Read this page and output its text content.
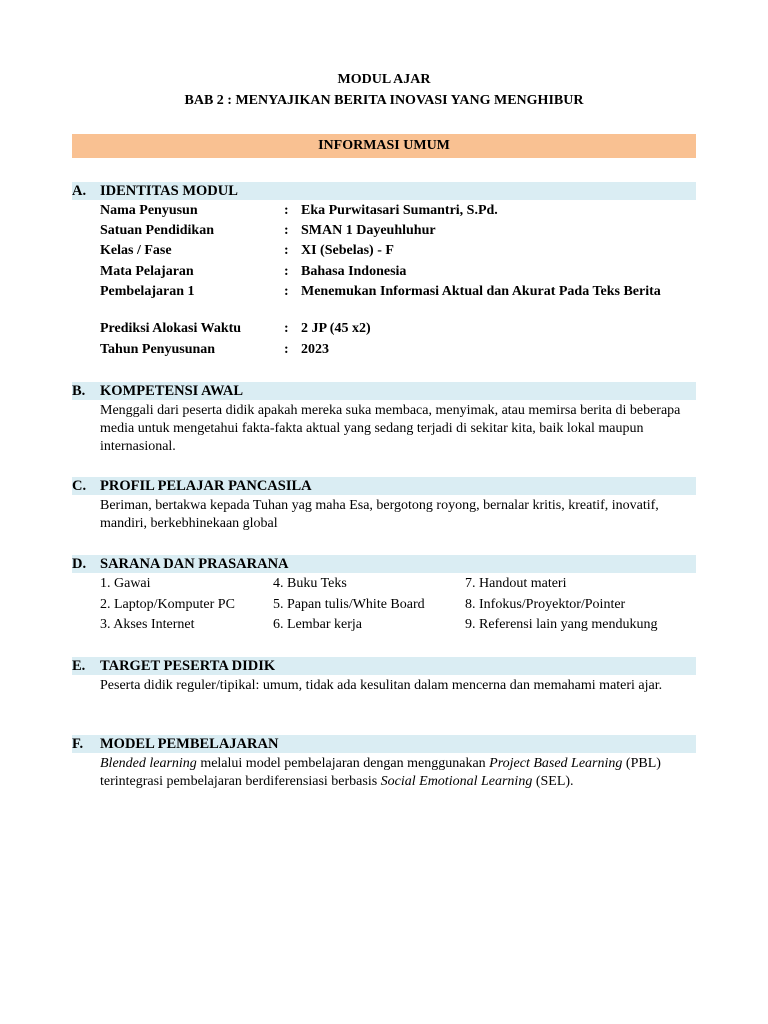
MODUL AJAR
BAB 2 : MENYAJIKAN BERITA INOVASI YANG MENGHIBUR
INFORMASI UMUM
A. IDENTITAS MODUL
Nama Penyusun	: Eka Purwitasari Sumantri, S.Pd.
Satuan Pendidikan	: SMAN 1 Dayeuhluhur
Kelas / Fase	: XI (Sebelas) - F
Mata Pelajaran	: Bahasa Indonesia
Pembelajaran 1	: Menemukan Informasi Aktual dan Akurat Pada Teks Berita
Prediksi Alokasi Waktu	: 2 JP (45 x2)
Tahun Penyusunan	: 2023
B. KOMPETENSI AWAL
Menggali dari peserta didik apakah mereka suka membaca, menyimak, atau memirsa berita di beberapa media untuk mengetahui fakta-fakta aktual yang sedang terjadi di sekitar kita, baik lokal maupun internasional.
C. PROFIL PELAJAR PANCASILA
Beriman, bertakwa kepada Tuhan yag maha Esa, bergotong royong, bernalar kritis, kreatif, inovatif, mandiri, berkebhinekaan global
D. SARANA DAN PRASARANA
1. Gawai	4. Buku Teks	7. Handout materi
2. Laptop/Komputer PC	5. Papan tulis/White Board	8. Infokus/Proyektor/Pointer
3. Akses Internet	6. Lembar kerja	9. Referensi lain yang mendukung
E. TARGET PESERTA DIDIK
Peserta didik reguler/tipikal: umum, tidak ada kesulitan dalam mencerna dan memahami materi ajar.
F. MODEL PEMBELAJARAN
Blended learning melalui model pembelajaran dengan menggunakan Project Based Learning (PBL) terintegrasi pembelajaran berdiferensiasi berbasis Social Emotional Learning (SEL).
